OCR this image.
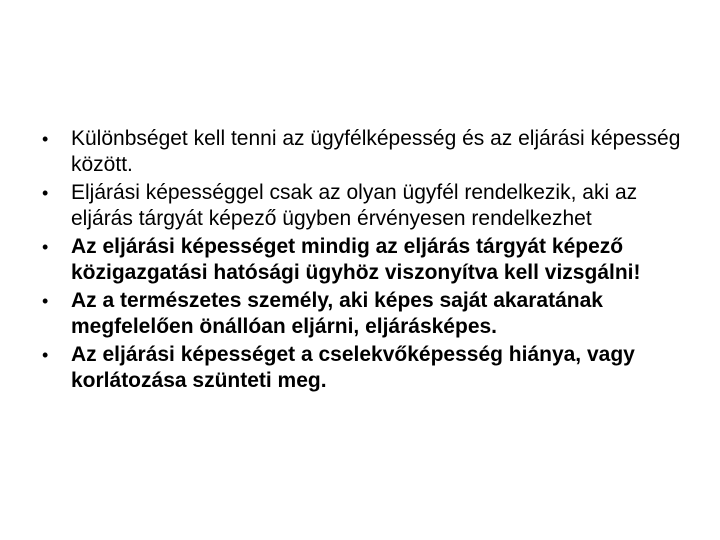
•	Különbséget kell tenni az ügyfélképesség és az eljárási képesség között.
•	Eljárási képességgel csak az olyan ügyfél rendelkezik, aki az eljárás tárgyát képező ügyben érvényesen rendelkezhet
•	Az eljárási képességet mindig az eljárás tárgyát képező közigazgatási hatósági ügyhöz viszonyítva kell vizsgálni!
•	Az a természetes személy, aki képes saját akaratának megfelelően önállóan eljárni, eljárásképes.
•	Az eljárási képességet a cselekvőképesség hiánya, vagy korlátozása szünteti meg.
